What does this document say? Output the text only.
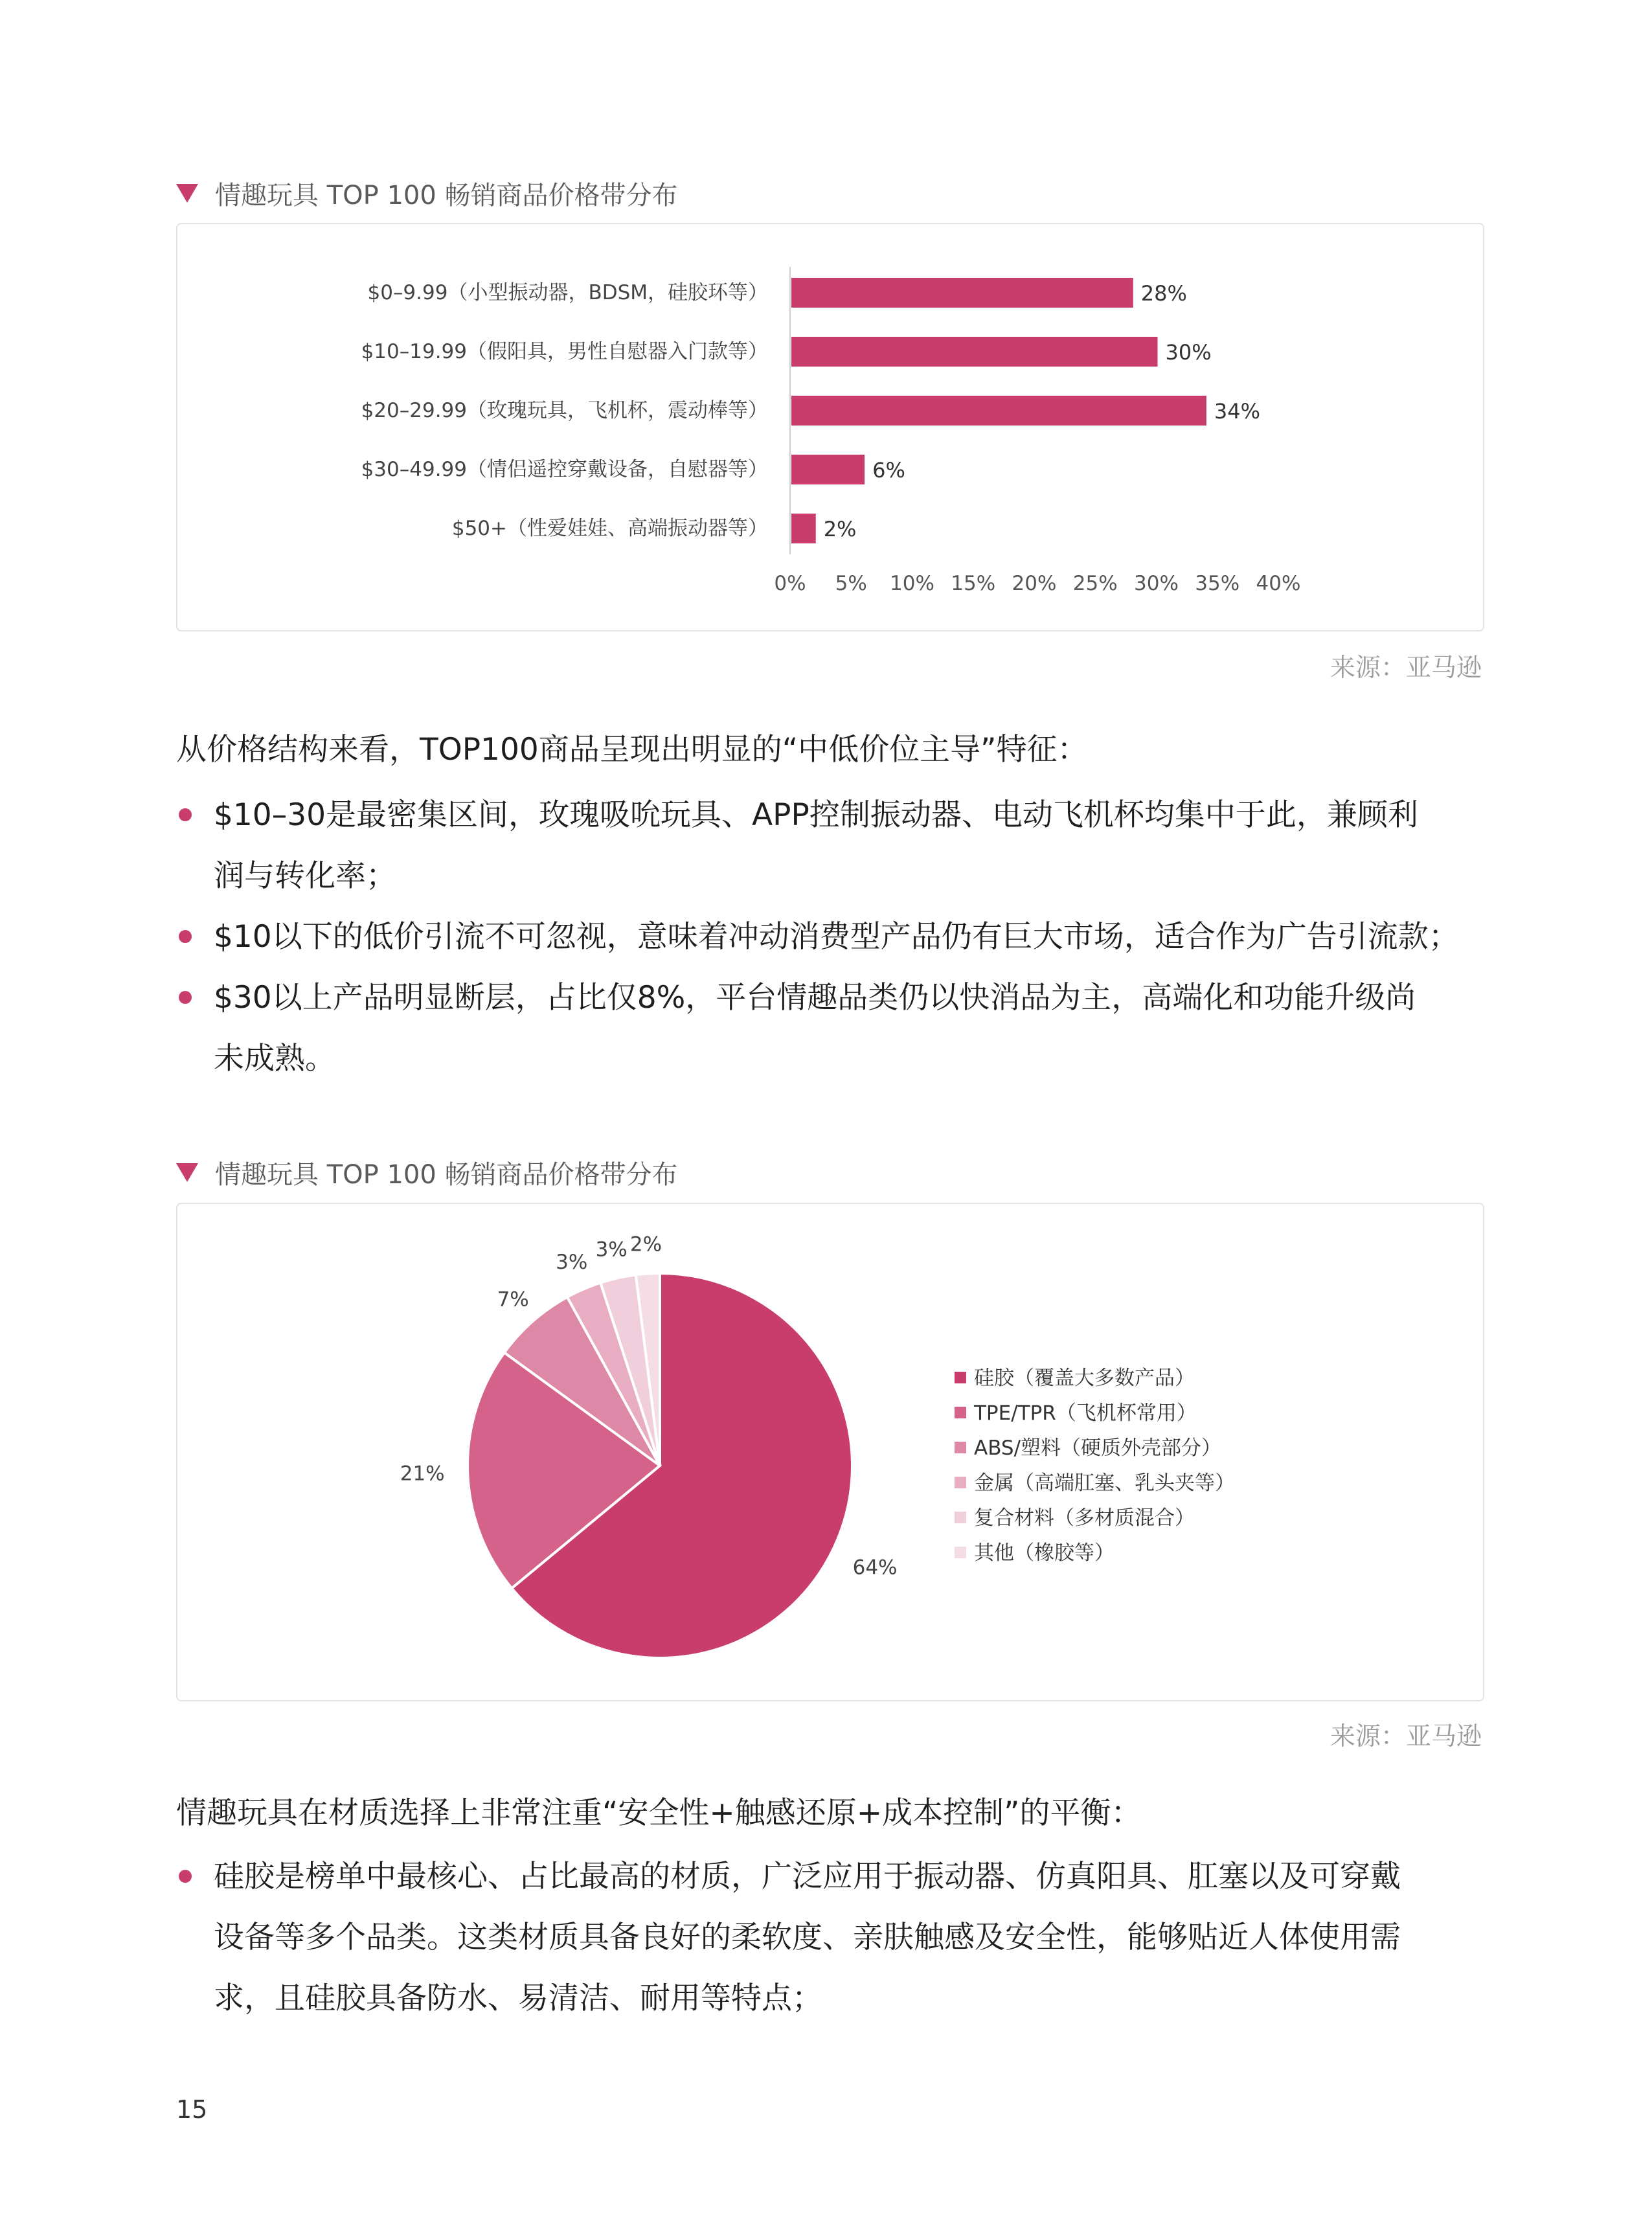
情趣玩具 TOP 100 畅销商品价格带分布
$0–9.99（小型振动器，BDSM，硅胶环等）	28%
$10–19.99（假阳具，男性自慰器入门款等）	30%
$20–29.99（玫瑰玩具，飞机杯，震动棒等）	34%
$30–49.99（情侣遥控穿戴设备，自慰器等）	6%
$50+（性爱娃娃、高端振动器等）	2%
0% 5% 10% 15% 20% 25% 30% 35% 40%
来源：亚马逊
从价格结构来看，TOP100商品呈现出明显的“中低价位主导”特征：
$10–30是最密集区间，玫瑰吸吮玩具、APP控制振动器、电动飞机杯均集中于此，兼顾利
润与转化率；
$10以下的低价引流不可忽视，意味着冲动消费型产品仍有巨大市场，适合作为广告引流款；
$30以上产品明显断层，占比仅8%，平台情趣品类仍以快消品为主，高端化和功能升级尚
未成熟。
情趣玩具 TOP 100 畅销商品价格带分布
64%
21%
7%
3%
3% 2%
硅胶（覆盖大多数产品）
TPE/TPR（飞机杯常用）
ABS/塑料（硬质外壳部分）
金属（高端肛塞、乳头夹等）
复合材料（多材质混合）
其他（橡胶等）
来源：亚马逊
情趣玩具在材质选择上非常注重“安全性+触感还原+成本控制”的平衡：
硅胶是榜单中最核心、占比最高的材质，广泛应用于振动器、仿真阳具、肛塞以及可穿戴
设备等多个品类。这类材质具备良好的柔软度、亲肤触感及安全性，能够贴近人体使用需
求，且硅胶具备防水、易清洁、耐用等特点；
15
